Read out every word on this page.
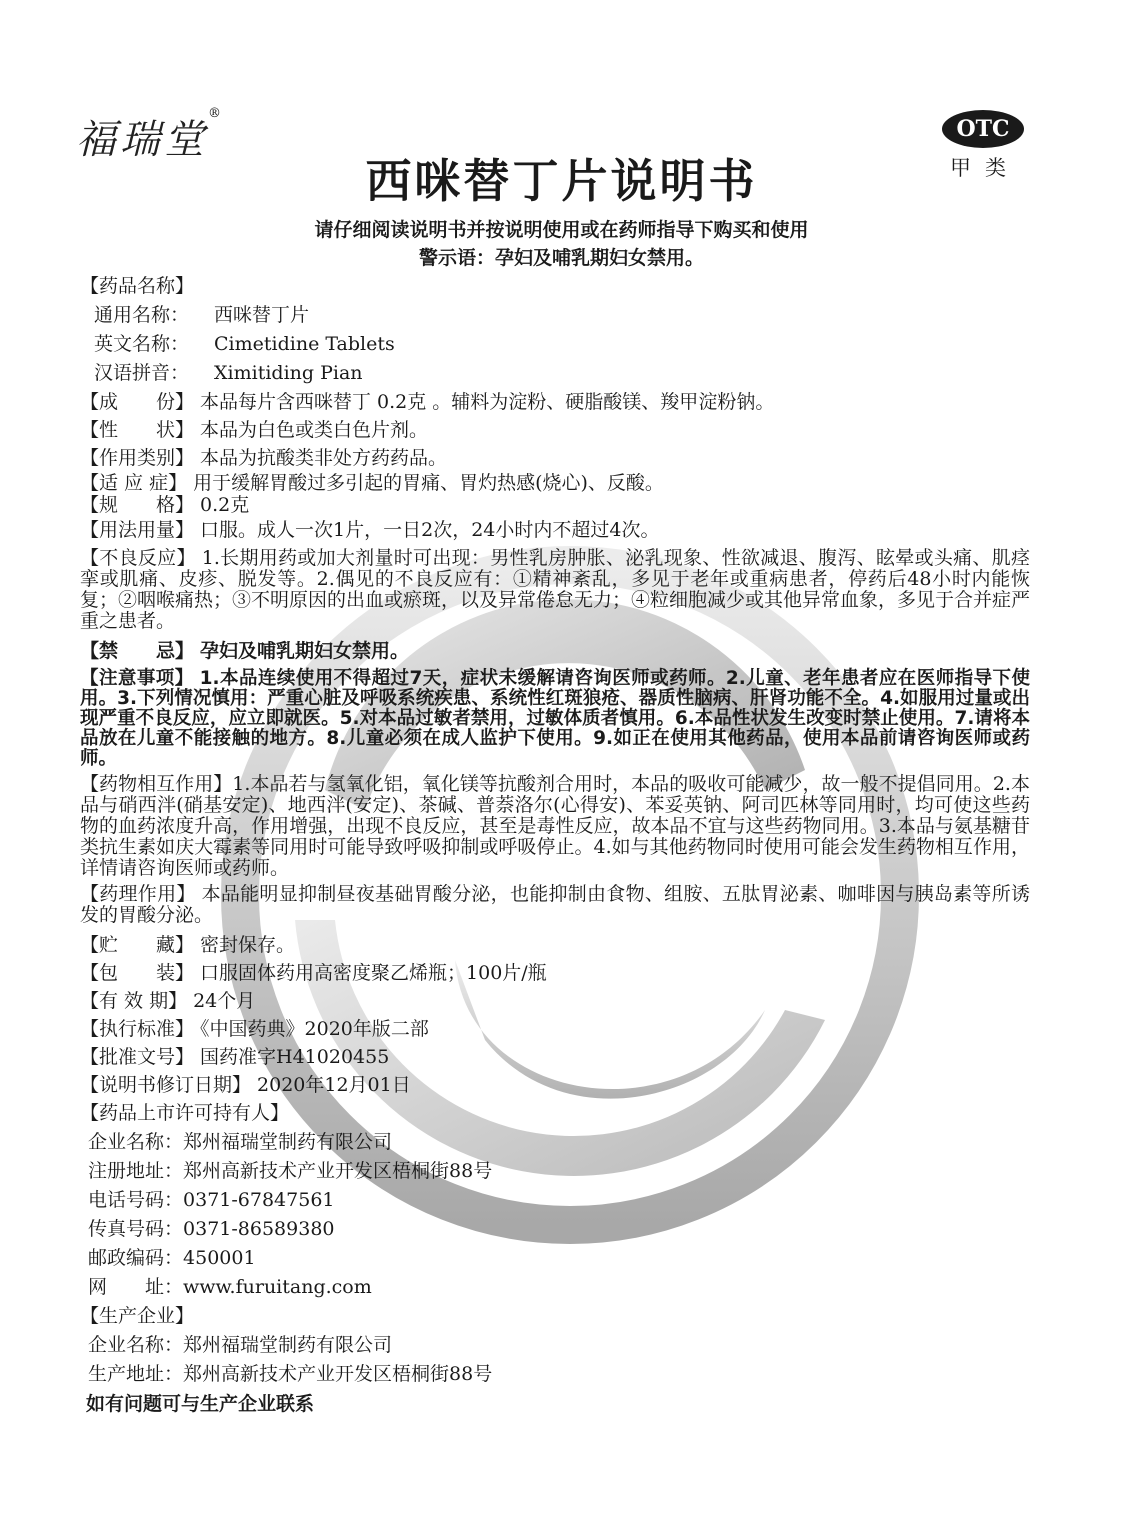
福瑞堂
®
OTC
甲类
西咪替丁片说明书
请仔细阅读说明书并按说明使用或在药师指导下购买和使用
警示语：孕妇及哺乳期妇女禁用。
【药品名称】
通用名称： 西咪替丁片
英文名称： Cimetidine Tablets
汉语拼音： Ximitiding Pian
【成　　份】 本品每片含西咪替丁 0.2克 。辅料为淀粉、硬脂酸镁、羧甲淀粉钠。
【性　　状】 本品为白色或类白色片剂。
【作用类别】 本品为抗酸类非处方药药品。
【适 应 症】 用于缓解胃酸过多引起的胃痛、胃灼热感(烧心)、反酸。
【规　　格】 0.2克
【用法用量】 口服。成人一次1片，一日2次，24小时内不超过4次。
【不良反应】 1.长期用药或加大剂量时可出现：男性乳房肿胀、泌乳现象、性欲减退、腹泻、眩晕或头痛、肌痉挛或肌痛、皮疹、脱发等。2.偶见的不良反应有：①精神紊乱，多见于老年或重病患者，停药后48小时内能恢复；②咽喉痛热；③不明原因的出血或瘀斑，以及异常倦怠无力；④粒细胞减少或其他异常血象，多见于合并症严重之患者。
【禁　　忌】 孕妇及哺乳期妇女禁用。
【注意事项】 1.本品连续使用不得超过7天，症状未缓解请咨询医师或药师。2.儿童、老年患者应在医师指导下使用。3.下列情况慎用：严重心脏及呼吸系统疾患、系统性红斑狼疮、器质性脑病、肝肾功能不全。4.如服用过量或出现严重不良反应，应立即就医。5.对本品过敏者禁用，过敏体质者慎用。6.本品性状发生改变时禁止使用。7.请将本品放在儿童不能接触的地方。8.儿童必须在成人监护下使用。9.如正在使用其他药品，使用本品前请咨询医师或药师。
【药物相互作用】1.本品若与氢氧化铝，氧化镁等抗酸剂合用时，本品的吸收可能减少，故一般不提倡同用。2.本品与硝西泮(硝基安定)、地西泮(安定)、茶碱、普萘洛尔(心得安)、苯妥英钠、阿司匹林等同用时，均可使这些药物的血药浓度升高，作用增强，出现不良反应，甚至是毒性反应，故本品不宜与这些药物同用。3.本品与氨基糖苷类抗生素如庆大霉素等同用时可能导致呼吸抑制或呼吸停止。4.如与其他药物同时使用可能会发生药物相互作用，详情请咨询医师或药师。
【药理作用】 本品能明显抑制昼夜基础胃酸分泌，也能抑制由食物、组胺、五肽胃泌素、咖啡因与胰岛素等所诱发的胃酸分泌。
【贮　　藏】 密封保存。
【包　　装】 口服固体药用高密度聚乙烯瓶；100片/瓶
【有 效 期】 24个月
【执行标准】 《中国药典》2020年版二部
【批准文号】 国药准字H41020455
【说明书修订日期】 2020年12月01日
【药品上市许可持有人】
企业名称：郑州福瑞堂制药有限公司
注册地址：郑州高新技术产业开发区梧桐街88号
电话号码：0371-67847561
传真号码：0371-86589380
邮政编码：450001
网　　址：www.furuitang.com
【生产企业】
企业名称：郑州福瑞堂制药有限公司
生产地址：郑州高新技术产业开发区梧桐街88号
如有问题可与生产企业联系
